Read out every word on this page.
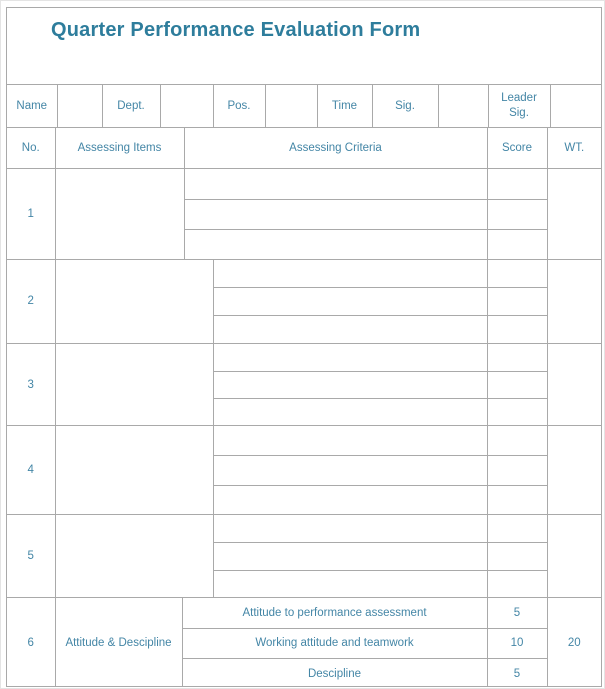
Quarter Performance Evaluation Form
Name		Dept.		Pos.		Time	Sig.		Leader Sig.	
No.	Assessing Items	Assessing Criteria	Score	WT.
1				

2				

3				

4				

5				

6	Attitude & Descipline	Attitude to performance assessment	5	20
		Working attitude and teamwork	10	
		Descipline	5	
